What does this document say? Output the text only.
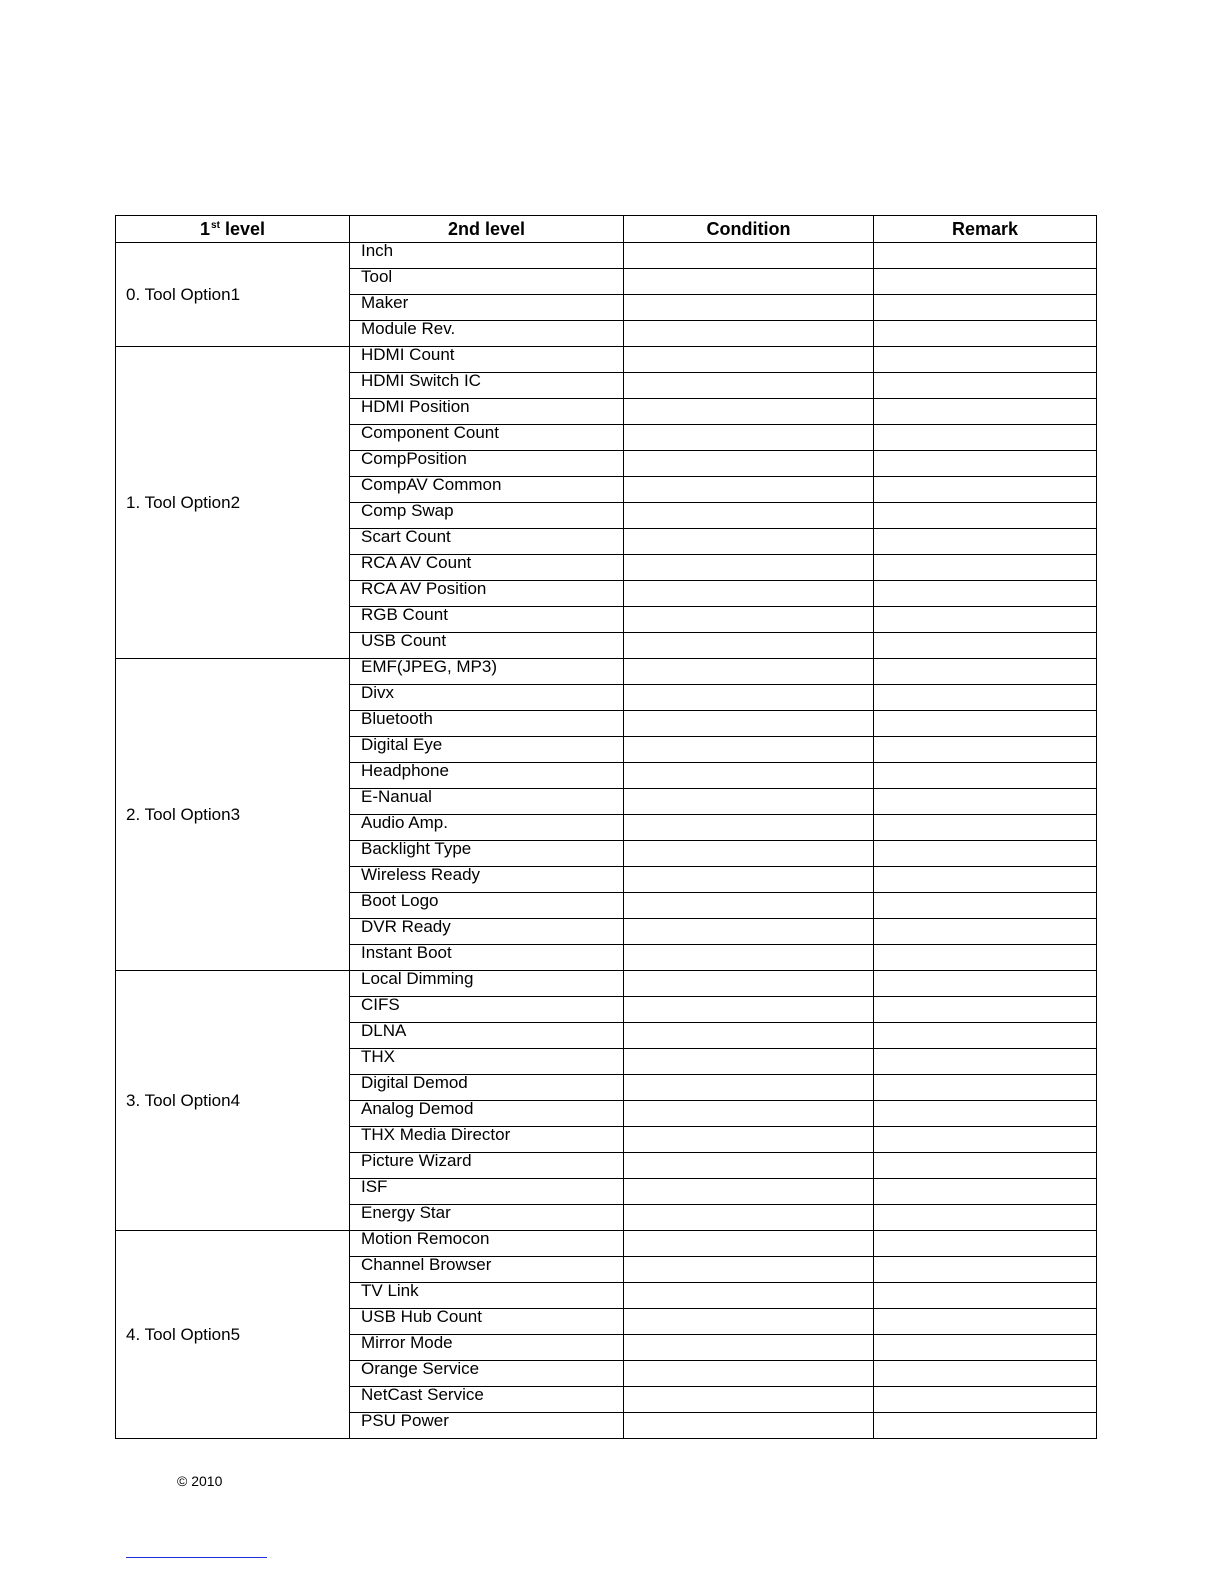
1st level	2nd level	Condition	Remark
0. Tool Option1	Inch		
	Tool		
	Maker		
	Module Rev.		
1. Tool Option2	HDMI Count		
	HDMI Switch IC		
	HDMI Position		
	Component Count		
	CompPosition		
	CompAV Common		
	Comp Swap		
	Scart Count		
	RCA AV Count		
	RCA AV Position		
	RGB Count		
	USB Count		
2. Tool Option3	EMF(JPEG, MP3)		
	Divx		
	Bluetooth		
	Digital Eye		
	Headphone		
	E-Nanual		
	Audio Amp.		
	Backlight Type		
	Wireless Ready		
	Boot Logo		
	DVR Ready		
	Instant Boot		
3. Tool Option4	Local Dimming		
	CIFS		
	DLNA		
	THX		
	Digital Demod		
	Analog Demod		
	THX Media Director		
	Picture Wizard		
	ISF		
	Energy Star		
4. Tool Option5	Motion Remocon		
	Channel Browser		
	TV Link		
	USB Hub Count		
	Mirror Mode		
	Orange Service		
	NetCast Service		
	PSU Power		
© 2010
